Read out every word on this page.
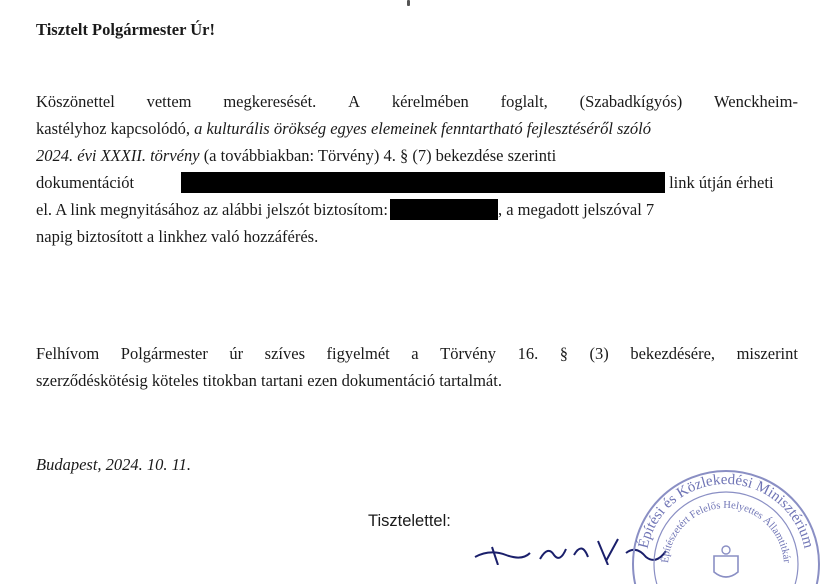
Tisztelt Polgármester Úr!
Köszönettel vettem megkeresését. A kérelmében foglalt, (Szabadkígyós) Wenckheim-
kastélyhoz kapcsolódó, a kulturális örökség egyes elemeinek fenntartható fejlesztéséről szóló
2024. évi XXXII. törvény (a továbbiakban: Törvény) 4. § (7) bekezdése szerinti
dokumentációt	link útján érheti
el. A link megnyitásához az alábbi jelszót biztosítom:	, a megadott jelszóval 7
napig biztosított a linkhez való hozzáférés.
Felhívom Polgármester úr szíves figyelmét a Törvény 16. § (3) bekezdésére, miszerint
szerződéskötésig köteles titokban tartani ezen dokumentáció tartalmát.
Budapest, 2024. 10. 11.
Tisztelettel:
Építési és Közlekedési Minisztérium
Építészetért Felelős Helyettes Államtitkár
